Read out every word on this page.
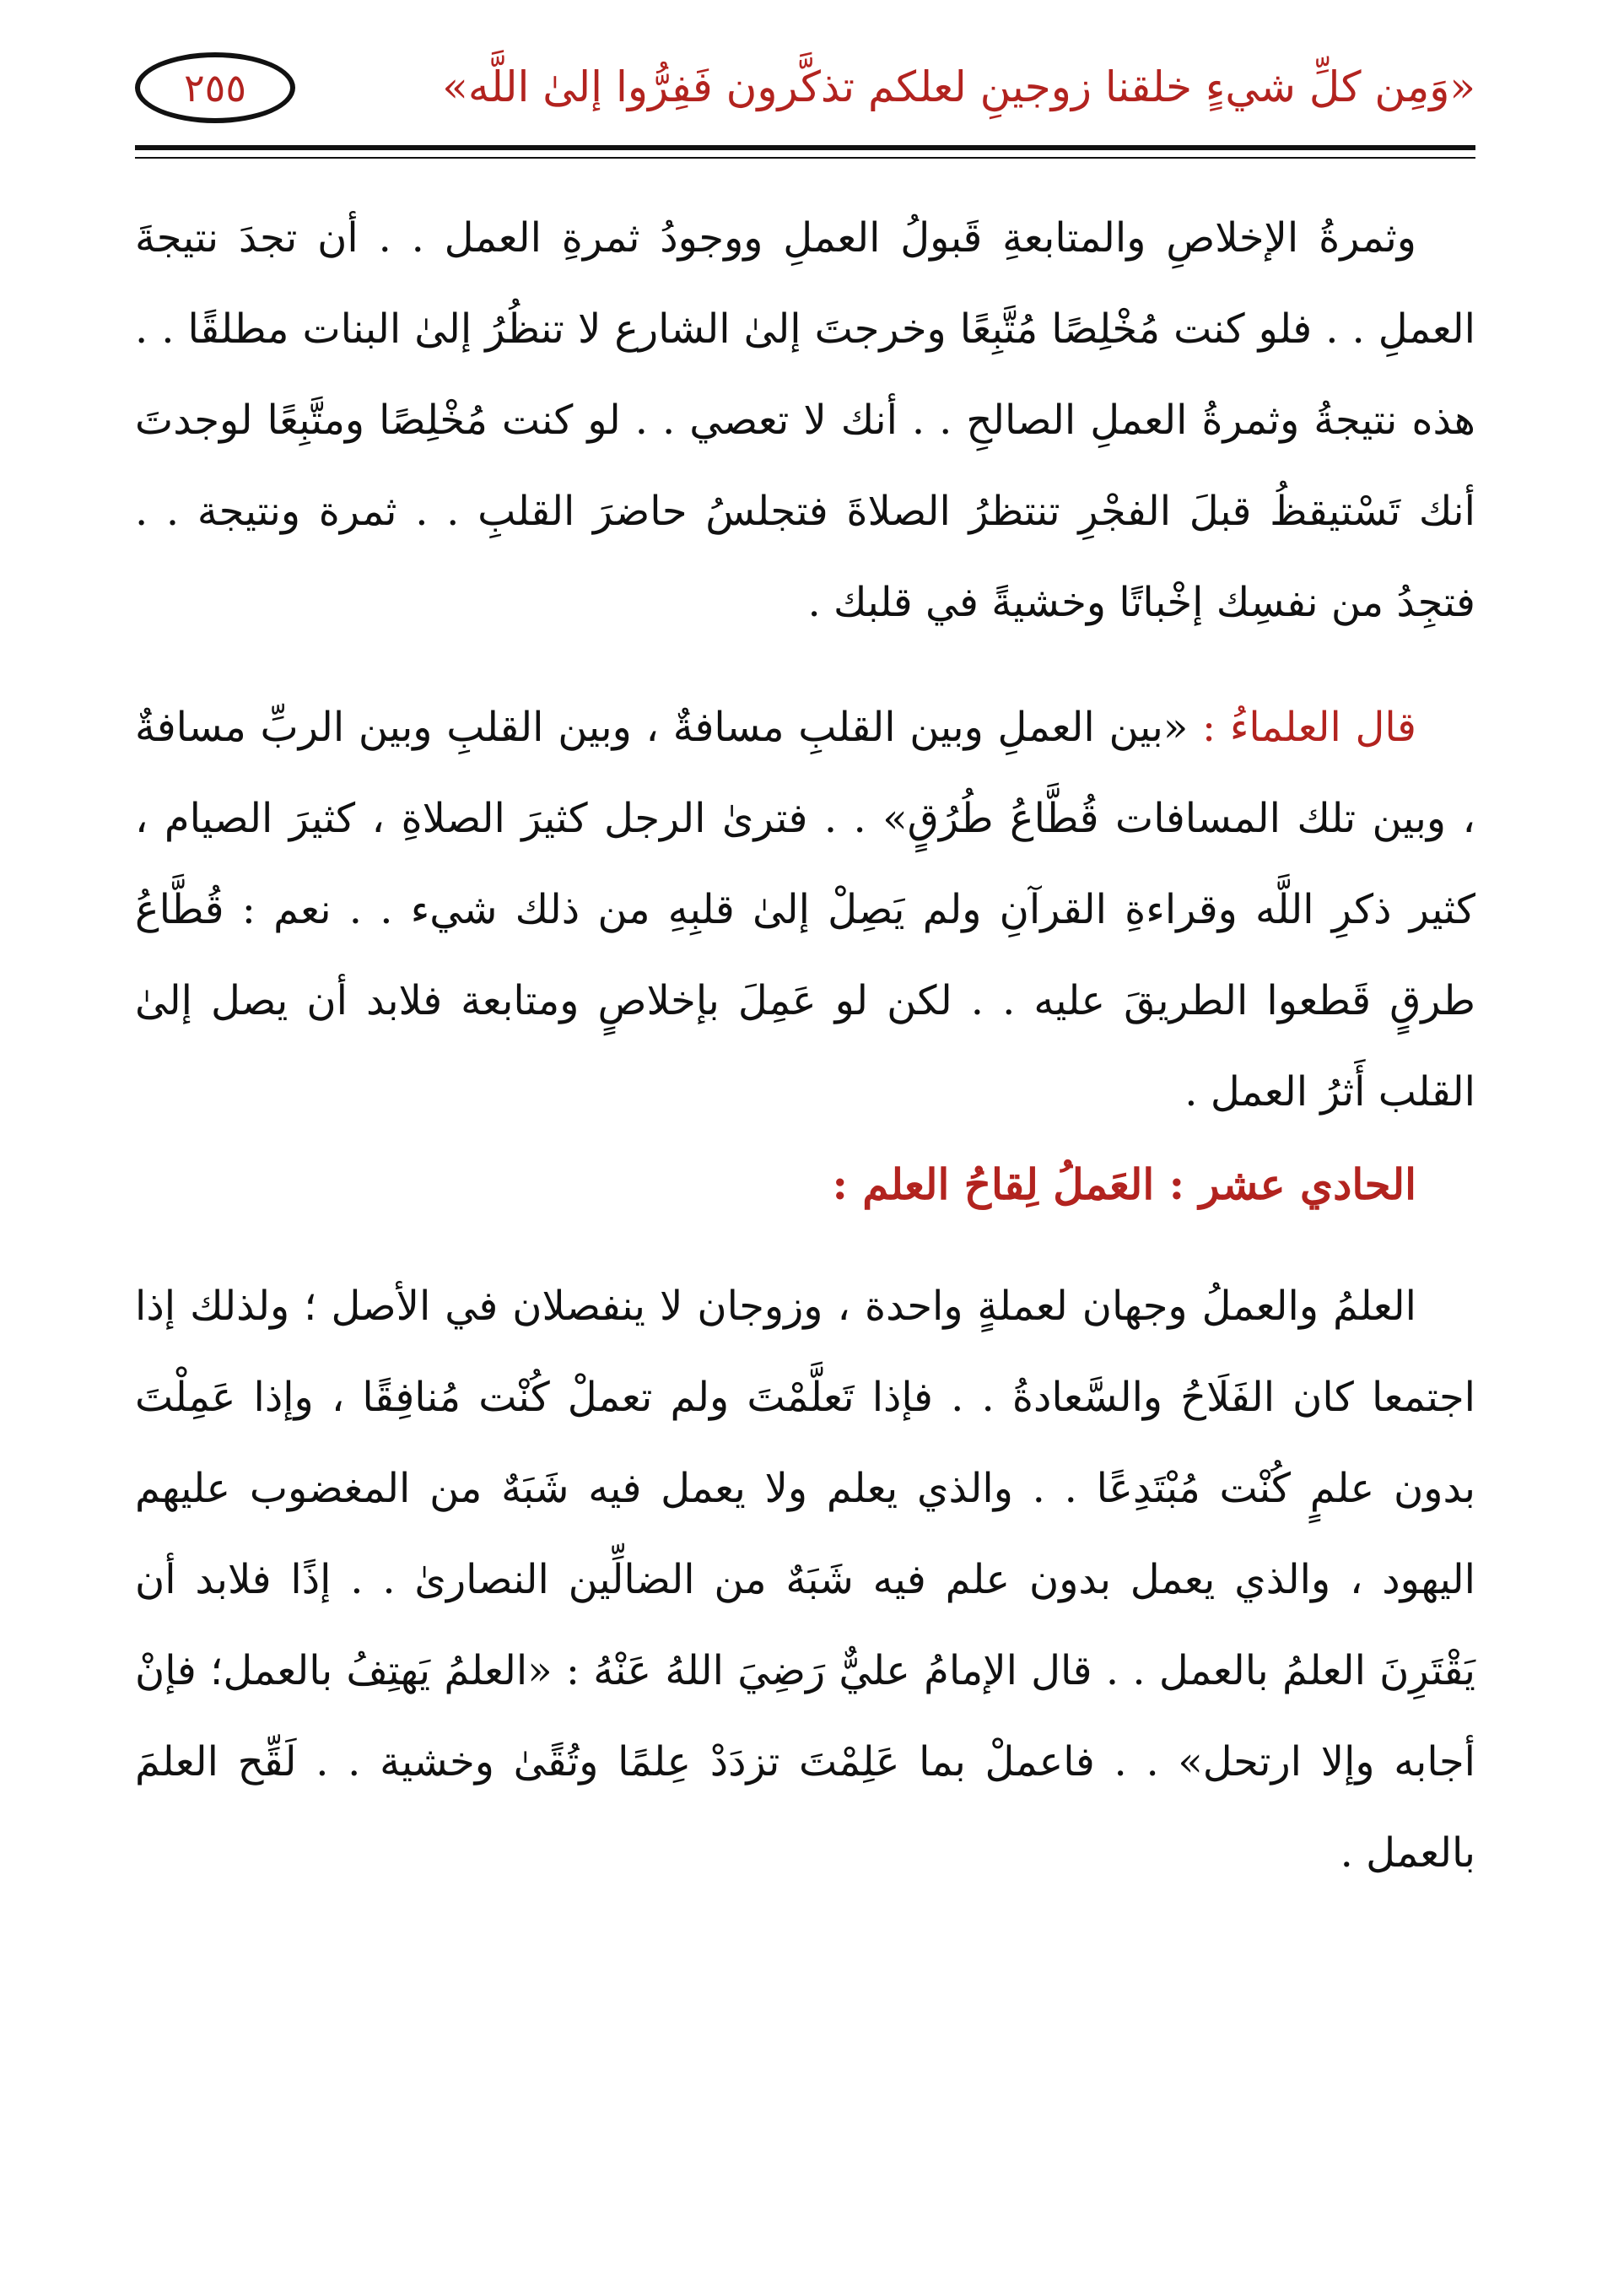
«وَمِن كلِّ شيءٍ خلقنا زوجينِ لعلكم تذكَّرون فَفِرُّوا إلىٰ اللَّه»
٢٥٥

وثمرةُ الإخلاصِ والمتابعةِ قَبولُ العملِ ووجودُ ثمرةِ العمل . . أن تجدَ نتيجةَ العملِ . . فلو كنت مُخْلِصًا مُتَّبِعًا وخرجتَ إلىٰ الشارع لا تنظُرُ إلىٰ البنات مطلقًا . . هذه نتيجةُ وثمرةُ العملِ الصالحِ . . أنك لا تعصي . . لو كنت مُخْلِصًا ومتَّبِعًا لوجدتَ أنك تَسْتيقظُ قبلَ الفجْرِ تنتظرُ الصلاةَ فتجلسُ حاضرَ القلبِ . . ثمرة ونتيجة . . فتجِدُ من نفسِك إخْباتًا وخشيةً في قلبك .

قال العلماءُ : «بين العملِ وبين القلبِ مسافةٌ ، وبين القلبِ وبين الربِّ مسافةٌ ، وبين تلك المسافات قُطَّاعُ طُرُقٍ» . . فترىٰ الرجل كثيرَ الصلاةِ ، كثيرَ الصيام ، كثير ذكرِ اللَّه وقراءةِ القرآنِ ولم يَصِلْ إلىٰ قلبِهِ من ذلك شيء . . نعم : قُطَّاعُ طرقٍ قَطعوا الطريقَ عليه . . لكن لو عَمِلَ بإخلاصٍ ومتابعة فلابد أن يصل إلىٰ القلب أَثرُ العمل .

الحادي عشر : العَملُ لِقاحُ العلم :

العلمُ والعملُ وجهان لعملةٍ واحدة ، وزوجان لا ينفصلان في الأصل ؛ ولذلك إذا اجتمعا كان الفَلَاحُ والسَّعادةُ . . فإذا تَعلَّمْتَ ولم تعملْ كُنْت مُنافِقًا ، وإذا عَمِلْتَ بدون علمٍ كُنْت مُبْتَدِعًا . . والذي يعلم ولا يعمل فيه شَبَهٌ من المغضوب عليهم اليهود ، والذي يعمل بدون علم فيه شَبَهٌ من الضالِّين النصارىٰ . . إذًا فلابد أن يَقْتَرِنَ العلمُ بالعمل . . قال الإمامُ عليٌّ رَضِيَ اللهُ عَنْهُ : «العلمُ يَهتِفُ بالعمل؛ فإنْ أجابه وإلا ارتحل» . . فاعملْ بما عَلِمْتَ تزدَدْ عِلمًا وتُقًىٰ وخشية . . لَقِّح العلمَ بالعمل .
